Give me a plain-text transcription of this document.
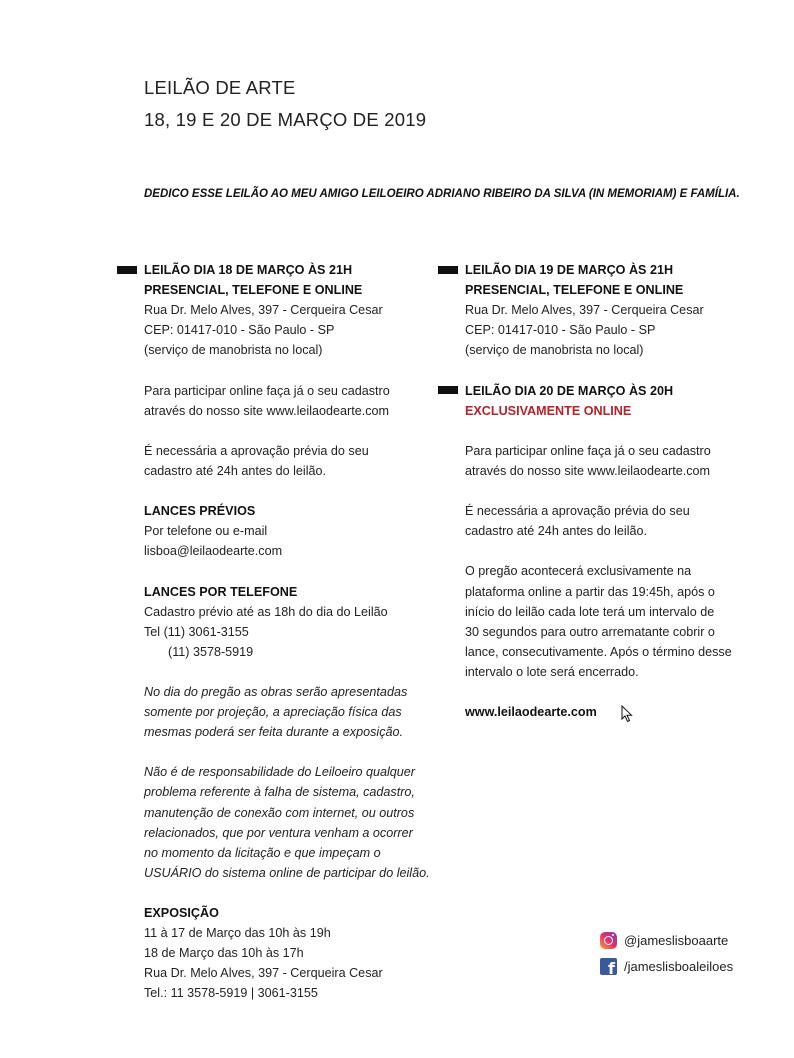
LEILÃO DE ARTE
18, 19 E 20 DE MARÇO DE 2019
DEDICO ESSE LEILÃO AO MEU AMIGO LEILOEIRO ADRIANO RIBEIRO DA SILVA (IN MEMORIAM) E FAMÍLIA.
LEILÃO DIA 18 DE MARÇO ÀS 21H
PRESENCIAL, TELEFONE E ONLINE
Rua Dr. Melo Alves, 397 - Cerqueira Cesar
CEP: 01417-010 - São Paulo - SP
(serviço de manobrista no local)
Para participar online faça já o seu cadastro
através do nosso site www.leilaodearte.com
É necessária a aprovação prévia do seu
cadastro até 24h antes do leilão.
LANCES PRÉVIOS
Por telefone ou e-mail
lisboa@leilaodearte.com
LANCES POR TELEFONE
Cadastro prévio até as 18h do dia do Leilão
Tel (11) 3061-3155
(11) 3578-5919
No dia do pregão as obras serão apresentadas
somente por projeção, a apreciação física das
mesmas poderá ser feita durante a exposição.
Não é de responsabilidade do Leiloeiro qualquer
problema referente à falha de sistema, cadastro,
manutenção de conexão com internet, ou outros
relacionados, que por ventura venham a ocorrer
no momento da licitação e que impeçam o
USUÁRIO do sistema online de participar do leilão.
EXPOSIÇÃO
11 à 17 de Março das 10h às 19h
18 de Março das 10h às 17h
Rua Dr. Melo Alves, 397 - Cerqueira Cesar
Tel.: 11 3578-5919 | 3061-3155
LEILÃO DIA 19 DE MARÇO ÀS 21H
PRESENCIAL, TELEFONE E ONLINE
Rua Dr. Melo Alves, 397 - Cerqueira Cesar
CEP: 01417-010 - São Paulo - SP
(serviço de manobrista no local)
LEILÃO DIA 20 DE MARÇO ÀS 20H
EXCLUSIVAMENTE ONLINE
Para participar online faça já o seu cadastro
através do nosso site www.leilaodearte.com
É necessária a aprovação prévia do seu
cadastro até 24h antes do leilão.
O pregão acontecerá exclusivamente na
plataforma online a partir das 19:45h, após o
início do leilão cada lote terá um intervalo de
30 segundos para outro arrematante cobrir o
lance, consecutivamente. Após o término desse
intervalo o lote será encerrado.
www.leilaodearte.com
@jameslisboaarte
f /jameslisboaleiloes
